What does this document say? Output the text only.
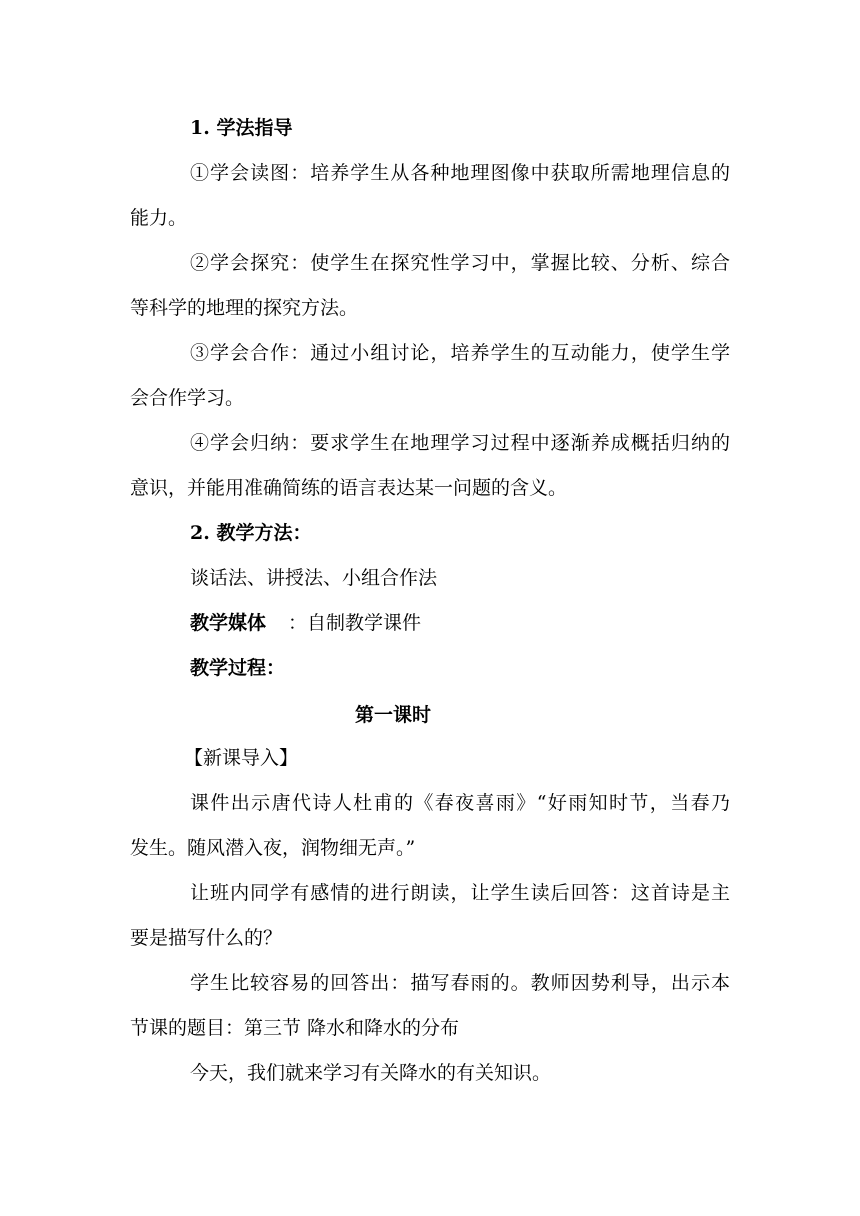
1. 学法指导
①学会读图：培养学生从各种地理图像中获取所需地理信息的
能力。
②学会探究：使学生在探究性学习中，掌握比较、分析、综合
等科学的地理的探究方法。
③学会合作：通过小组讨论，培养学生的互动能力，使学生学
会合作学习。
④学会归纳：要求学生在地理学习过程中逐渐养成概括归纳的
意识，并能用准确简练的语言表达某一问题的含义。
2. 教学方法：
谈话法、讲授法、小组合作法
教学媒体 ：自制教学课件
教学过程：
第一课时
【新课导入】
课件出示唐代诗人杜甫的《春夜喜雨》“好雨知时节，当春乃
发生。随风潜入夜，润物细无声。”
让班内同学有感情的进行朗读，让学生读后回答：这首诗是主
要是描写什么的？
学生比较容易的回答出：描写春雨的。教师因势利导，出示本
节课的题目：第三节 降水和降水的分布
今天，我们就来学习有关降水的有关知识。
